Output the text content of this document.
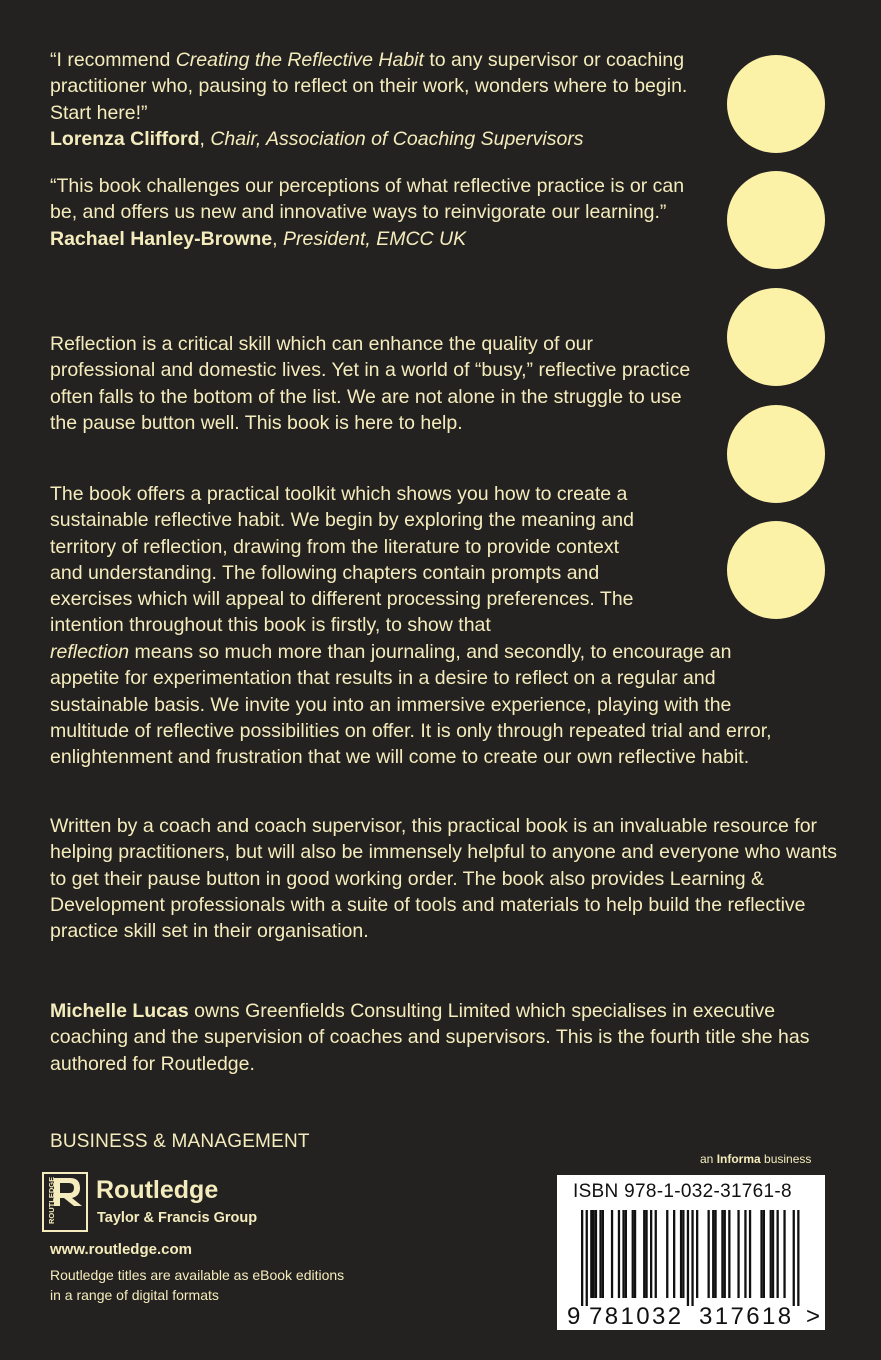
“I recommend Creating the Reflective Habit to any supervisor or coaching practitioner who, pausing to reflect on their work, wonders where to begin. Start here!”
Lorenza Clifford, Chair, Association of Coaching Supervisors

“This book challenges our perceptions of what reflective practice is or can be, and offers us new and innovative ways to reinvigorate our learning.”
Rachael Hanley-Browne, President, EMCC UK

Reflection is a critical skill which can enhance the quality of our professional and domestic lives. Yet in a world of “busy,” reflective practice often falls to the bottom of the list. We are not alone in the struggle to use the pause button well. This book is here to help.

The book offers a practical toolkit which shows you how to create a sustainable reflective habit. We begin by exploring the meaning and territory of reflection, drawing from the literature to provide context and understanding. The following chapters contain prompts and exercises which will appeal to different processing preferences. The intention throughout this book is firstly, to show that

reflection means so much more than journaling, and secondly, to encourage an appetite for experimentation that results in a desire to reflect on a regular and sustainable basis. We invite you into an immersive experience, playing with the multitude of reflective possibilities on offer. It is only through repeated trial and error, enlightenment and frustration that we will come to create our own reflective habit.

Written by a coach and coach supervisor, this practical book is an invaluable resource for helping practitioners, but will also be immensely helpful to anyone and everyone who wants to get their pause button in good working order. The book also provides Learning & Development professionals with a suite of tools and materials to help build the reflective practice skill set in their organisation.

Michelle Lucas owns Greenfields Consulting Limited which specialises in executive coaching and the supervision of coaches and supervisors. This is the fourth title she has authored for Routledge.

BUSINESS & MANAGEMENT
ROUTLEDGE Routledge
Taylor & Francis Group
www.routledge.com
Routledge titles are available as eBook editions in a range of digital formats
an Informa business
ISBN 978-1-032-31761-8
9 781032 317618 >
